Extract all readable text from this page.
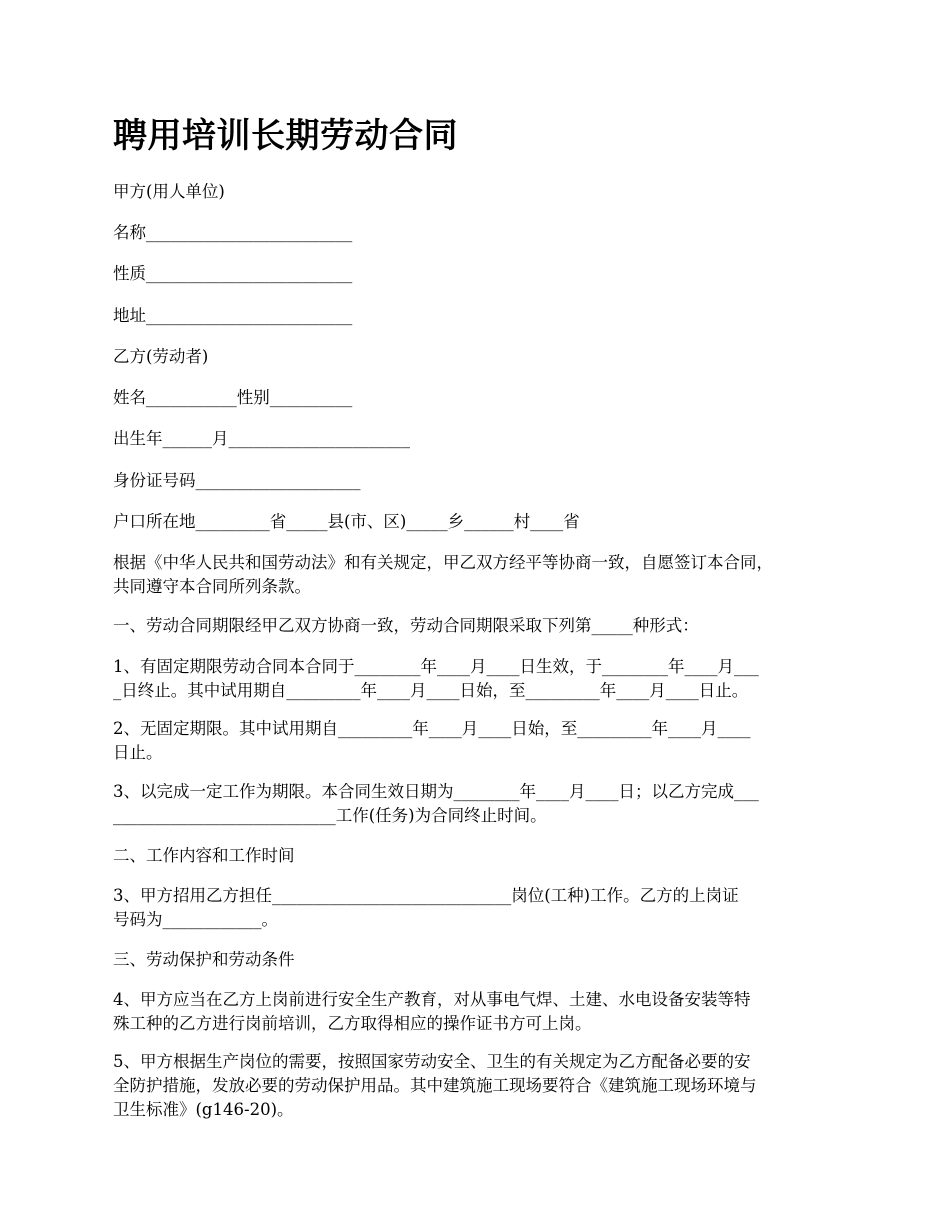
聘用培训长期劳动合同

甲方(用人单位)

名称_________________________

性质_________________________

地址_________________________

乙方(劳动者)

姓名___________性别__________

出生年______月______________________

身份证号码____________________

户口所在地_________省_____县(市、区)_____乡______村____省

根据《中华人民共和国劳动法》和有关规定，甲乙双方经平等协商一致，自愿签订本合同，
共同遵守本合同所列条款。

一、劳动合同期限经甲乙双方协商一致，劳动合同期限采取下列第_____种形式：

1、有固定期限劳动合同本合同于________年____月____日生效，于________年____月___
_日终止。其中试用期自_________年____月____日始，至_________年____月____日止。

2、无固定期限。其中试用期自_________年____月____日始，至_________年____月____
日止。

3、以完成一定工作为期限。本合同生效日期为________年____月____日；以乙方完成___
___________________________工作(任务)为合同终止时间。

二、工作内容和工作时间

3、甲方招用乙方担任_____________________________岗位(工种)工作。乙方的上岗证
号码为____________。

三、劳动保护和劳动条件

4、甲方应当在乙方上岗前进行安全生产教育，对从事电气焊、土建、水电设备安装等特
殊工种的乙方进行岗前培训，乙方取得相应的操作证书方可上岗。

5、甲方根据生产岗位的需要，按照国家劳动安全、卫生的有关规定为乙方配备必要的安
全防护措施，发放必要的劳动保护用品。其中建筑施工现场要符合《建筑施工现场环境与
卫生标准》(g146-20)。
